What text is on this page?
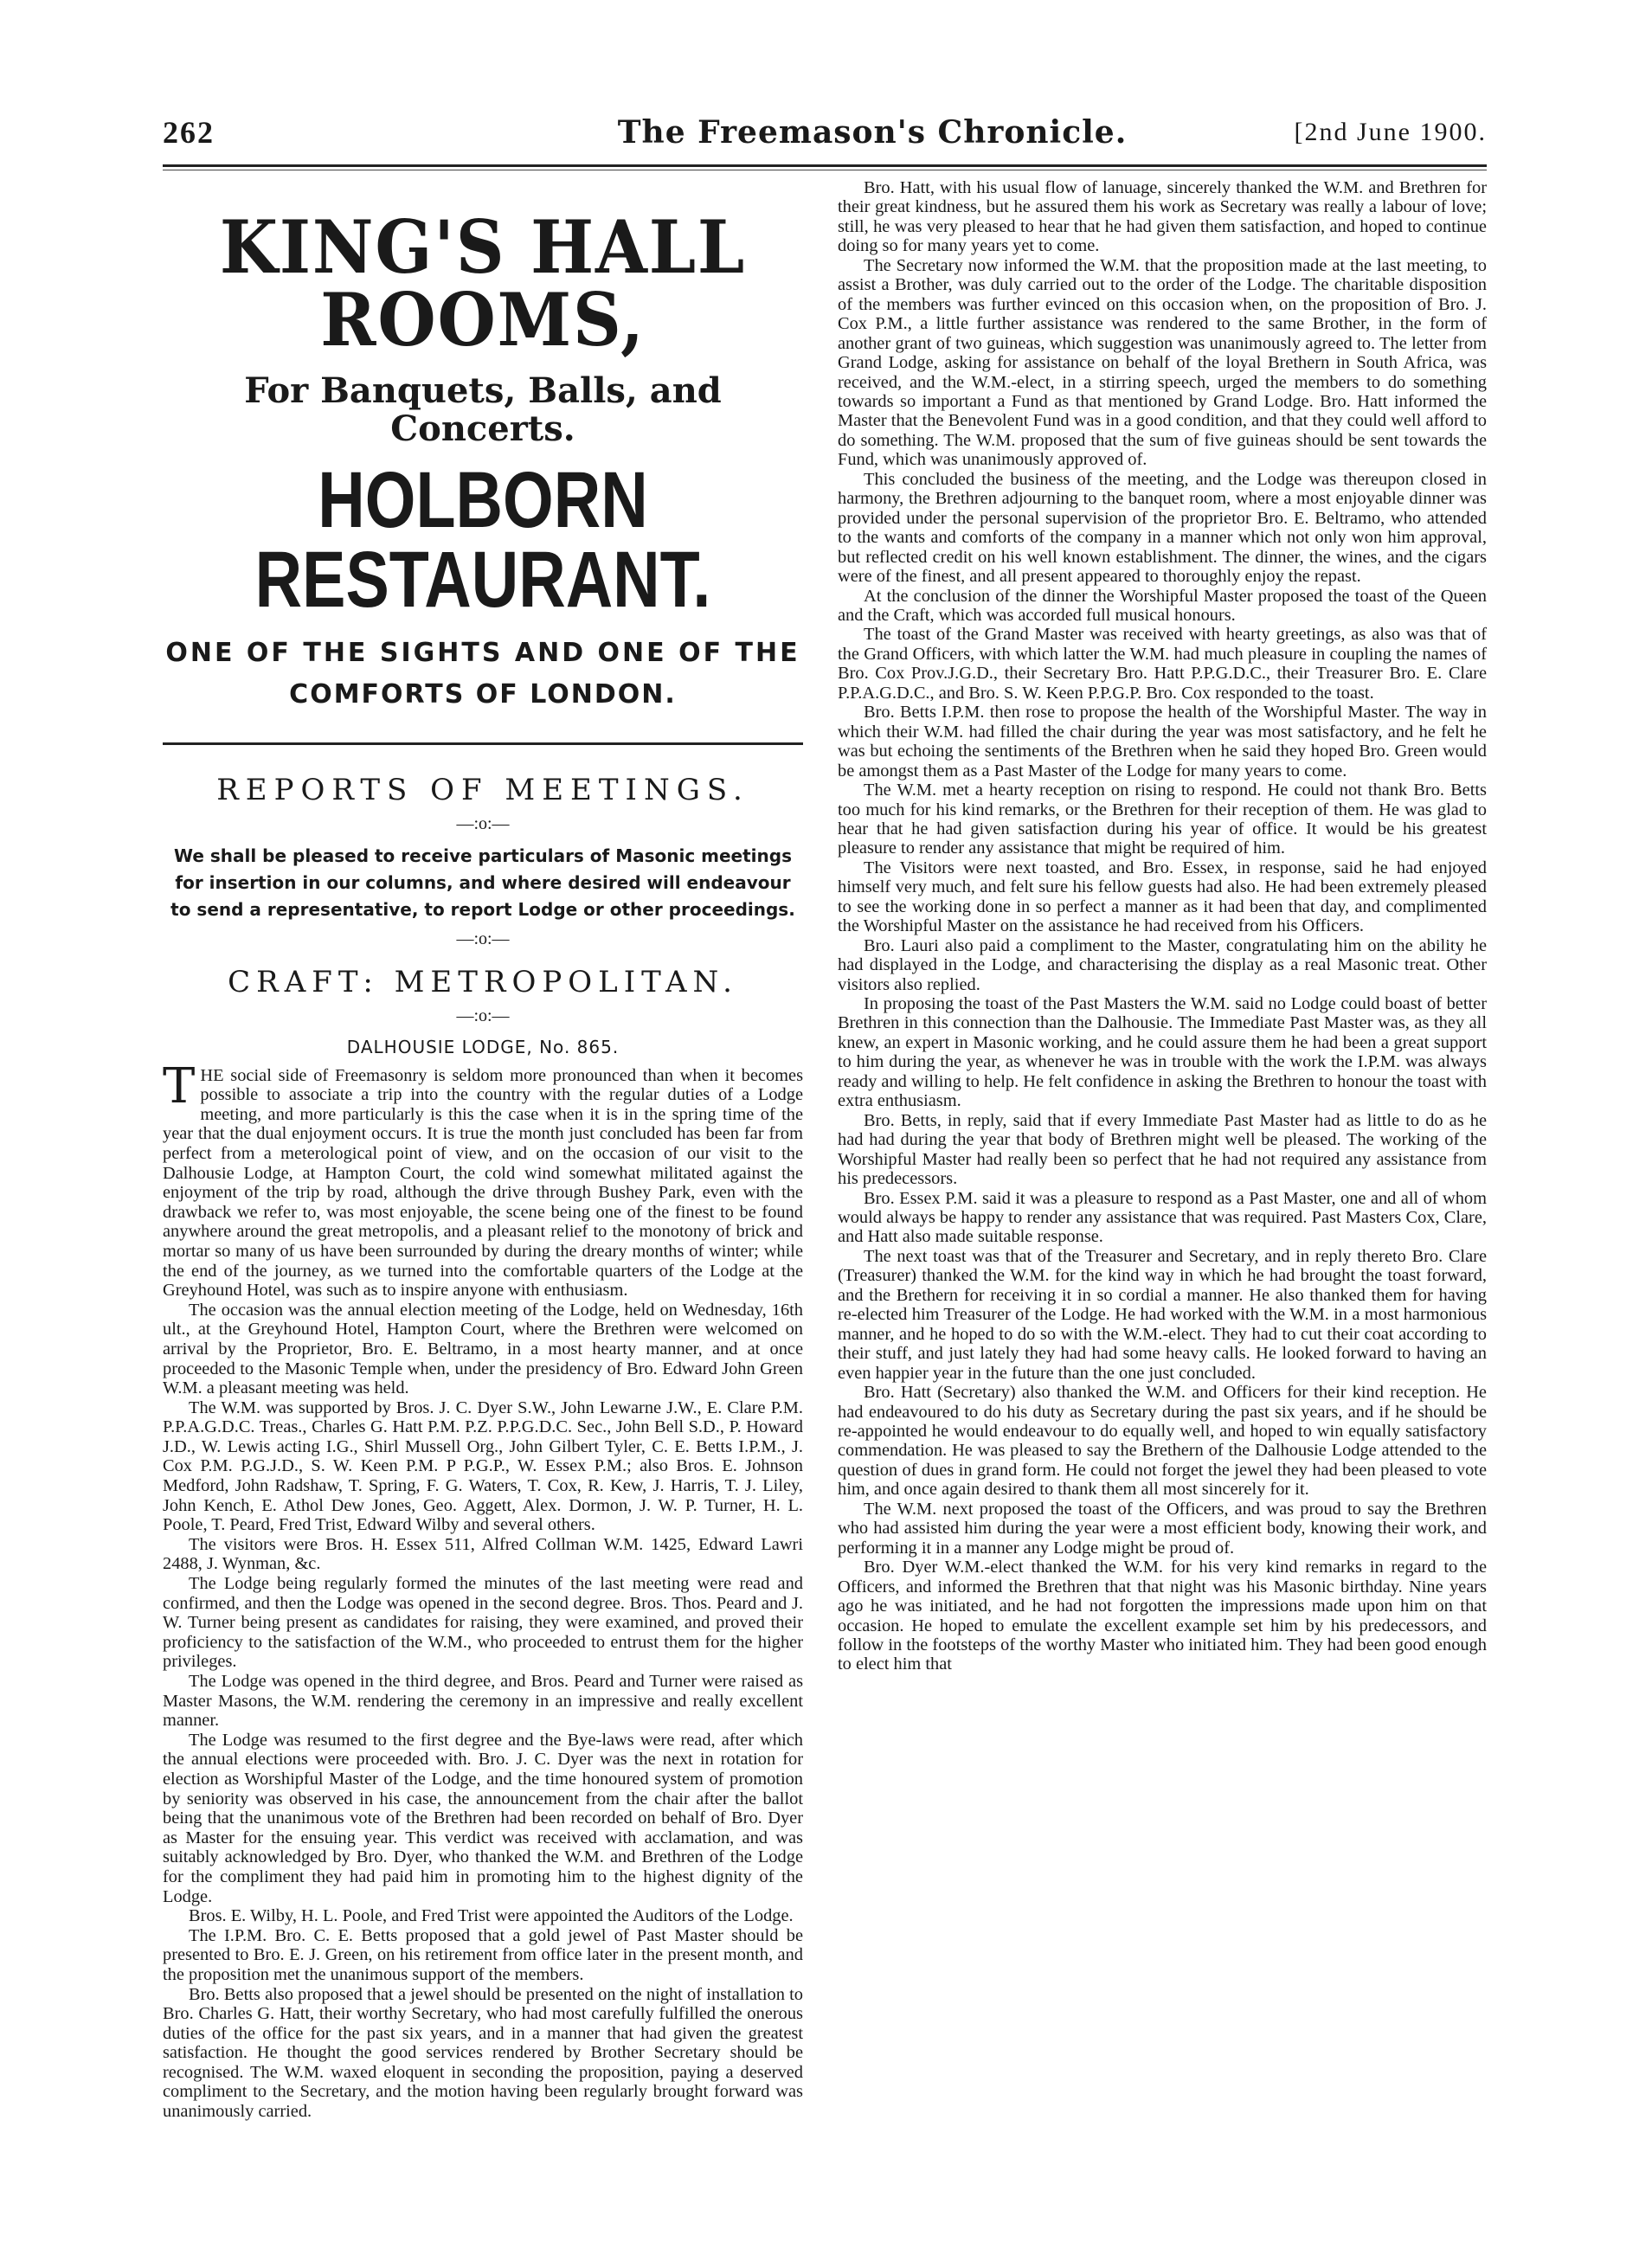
262	The Freemason's Chronicle.	[2nd June 1900.
KING'S HALL ROOMS,
For Banquets, Balls, and Concerts.
HOLBORN RESTAURANT.
ONE OF THE SIGHTS AND ONE OF THE
COMFORTS OF LONDON.
REPORTS OF MEETINGS.
—:o:—
We shall be pleased to receive particulars of Masonic meetings for insertion in our columns, and where desired will endeavour to send a representative, to report Lodge or other proceedings.
—:o:—
CRAFT: METROPOLITAN.
—:o:—
DALHOUSIE LODGE, No. 865.

THE social side of Freemasonry is seldom more pronounced than when it becomes possible to associate a trip into the country with the regular duties of a Lodge meeting, and more particularly is this the case when it is in the spring time of the year that the dual enjoyment occurs. It is true the month just concluded has been far from perfect from a meterological point of view, and on the occasion of our visit to the Dalhousie Lodge, at Hampton Court, the cold wind somewhat militated against the enjoyment of the trip by road, although the drive through Bushey Park, even with the drawback we refer to, was most enjoyable, the scene being one of the finest to be found anywhere around the great metropolis, and a pleasant relief to the monotony of brick and mortar so many of us have been surrounded by during the dreary months of winter; while the end of the journey, as we turned into the comfortable quarters of the Lodge at the Greyhound Hotel, was such as to inspire anyone with enthusiasm.

The occasion was the annual election meeting of the Lodge, held on Wednesday, 16th ult., at the Greyhound Hotel, Hampton Court, where the Brethren were welcomed on arrival by the Proprietor, Bro. E. Beltramo, in a most hearty manner, and at once proceeded to the Masonic Temple when, under the presidency of Bro. Edward John Green W.M. a pleasant meeting was held.

The W.M. was supported by Bros. J. C. Dyer S.W., John Lewarne J.W., E. Clare P.M. P.P.A.G.D.C. Treas., Charles G. Hatt P.M. P.Z. P.P.G.D.C. Sec., John Bell S.D., P. Howard J.D., W. Lewis acting I.G., Shirl Mussell Org., John Gilbert Tyler, C. E. Betts I.P.M., J. Cox P.M. P.G.J.D., S. W. Keen P.M. P P.G.P., W. Essex P.M.; also Bros. E. Johnson Medford, John Radshaw, T. Spring, F. G. Waters, T. Cox, R. Kew, J. Harris, T. J. Liley, John Kench, E. Athol Dew Jones, Geo. Aggett, Alex. Dormon, J. W. P. Turner, H. L. Poole, T. Peard, Fred Trist, Edward Wilby and several others.

The visitors were Bros. H. Essex 511, Alfred Collman W.M. 1425, Edward Lawri 2488, J. Wynman, &c.

The Lodge being regularly formed the minutes of the last meeting were read and confirmed, and then the Lodge was opened in the second degree. Bros. Thos. Peard and J. W. Turner being present as candidates for raising, they were examined, and proved their proficiency to the satisfaction of the W.M., who proceeded to entrust them for the higher privileges.

The Lodge was opened in the third degree, and Bros. Peard and Turner were raised as Master Masons, the W.M. rendering the ceremony in an impressive and really excellent manner.

The Lodge was resumed to the first degree and the Bye-laws were read, after which the annual elections were proceeded with. Bro. J. C. Dyer was the next in rotation for election as Worshipful Master of the Lodge, and the time honoured system of promotion by seniority was observed in his case, the announcement from the chair after the ballot being that the unanimous vote of the Brethren had been recorded on behalf of Bro. Dyer as Master for the ensuing year. This verdict was received with acclamation, and was suitably acknowledged by Bro. Dyer, who thanked the W.M. and Brethren of the Lodge for the compliment they had paid him in promoting him to the highest dignity of the Lodge.

Bros. E. Wilby, H. L. Poole, and Fred Trist were appointed the Auditors of the Lodge.

The I.P.M. Bro. C. E. Betts proposed that a gold jewel of Past Master should be presented to Bro. E. J. Green, on his retirement from office later in the present month, and the proposition met the unanimous support of the members.

Bro. Betts also proposed that a jewel should be presented on the night of installation to Bro. Charles G. Hatt, their worthy Secretary, who had most carefully fulfilled the onerous duties of the office for the past six years, and in a manner that had given the greatest satisfaction. He thought the good services rendered by Brother Secretary should be recognised. The W.M. waxed eloquent in seconding the proposition, paying a deserved compliment to the Secretary, and the motion having been regularly brought forward was unanimously carried.

Bro. Hatt, with his usual flow of lanuage, sincerely thanked the W.M. and Brethren for their great kindness, but he assured them his work as Secretary was really a labour of love; still, he was very pleased to hear that he had given them satisfaction, and hoped to continue doing so for many years yet to come.

The Secretary now informed the W.M. that the proposition made at the last meeting, to assist a Brother, was duly carried out to the order of the Lodge. The charitable disposition of the members was further evinced on this occasion when, on the proposition of Bro. J. Cox P.M., a little further assistance was rendered to the same Brother, in the form of another grant of two guineas, which suggestion was unanimously agreed to. The letter from Grand Lodge, asking for assistance on behalf of the loyal Brethern in South Africa, was received, and the W.M.-elect, in a stirring speech, urged the members to do something towards so important a Fund as that mentioned by Grand Lodge. Bro. Hatt informed the Master that the Benevolent Fund was in a good condition, and that they could well afford to do something. The W.M. proposed that the sum of five guineas should be sent towards the Fund, which was unanimously approved of.

This concluded the business of the meeting, and the Lodge was thereupon closed in harmony, the Brethren adjourning to the banquet room, where a most enjoyable dinner was provided under the personal supervision of the proprietor Bro. E. Beltramo, who attended to the wants and comforts of the company in a manner which not only won him approval, but reflected credit on his well known establishment. The dinner, the wines, and the cigars were of the finest, and all present appeared to thoroughly enjoy the repast.

At the conclusion of the dinner the Worshipful Master proposed the toast of the Queen and the Craft, which was accorded full musical honours.

The toast of the Grand Master was received with hearty greetings, as also was that of the Grand Officers, with which latter the W.M. had much pleasure in coupling the names of Bro. Cox Prov.J.G.D., their Secretary Bro. Hatt P.P.G.D.C., their Treasurer Bro. E. Clare P.P.A.G.D.C., and Bro. S. W. Keen P.P.G.P. Bro. Cox responded to the toast.

Bro. Betts I.P.M. then rose to propose the health of the Worshipful Master. The way in which their W.M. had filled the chair during the year was most satisfactory, and he felt he was but echoing the sentiments of the Brethren when he said they hoped Bro. Green would be amongst them as a Past Master of the Lodge for many years to come.

The W.M. met a hearty reception on rising to respond. He could not thank Bro. Betts too much for his kind remarks, or the Brethren for their reception of them. He was glad to hear that he had given satisfaction during his year of office. It would be his greatest pleasure to render any assistance that might be required of him.

The Visitors were next toasted, and Bro. Essex, in response, said he had enjoyed himself very much, and felt sure his fellow guests had also. He had been extremely pleased to see the working done in so perfect a manner as it had been that day, and complimented the Worshipful Master on the assistance he had received from his Officers.

Bro. Lauri also paid a compliment to the Master, congratulating him on the ability he had displayed in the Lodge, and characterising the display as a real Masonic treat. Other visitors also replied.

In proposing the toast of the Past Masters the W.M. said no Lodge could boast of better Brethren in this connection than the Dalhousie. The Immediate Past Master was, as they all knew, an expert in Masonic working, and he could assure them he had been a great support to him during the year, as whenever he was in trouble with the work the I.P.M. was always ready and willing to help. He felt confidence in asking the Brethren to honour the toast with extra enthusiasm.

Bro. Betts, in reply, said that if every Immediate Past Master had as little to do as he had had during the year that body of Brethren might well be pleased. The working of the Worshipful Master had really been so perfect that he had not required any assistance from his predecessors.

Bro. Essex P.M. said it was a pleasure to respond as a Past Master, one and all of whom would always be happy to render any assistance that was required. Past Masters Cox, Clare, and Hatt also made suitable response.

The next toast was that of the Treasurer and Secretary, and in reply thereto Bro. Clare (Treasurer) thanked the W.M. for the kind way in which he had brought the toast forward, and the Brethern for receiving it in so cordial a manner. He also thanked them for having re-elected him Treasurer of the Lodge. He had worked with the W.M. in a most harmonious manner, and he hoped to do so with the W.M.-elect. They had to cut their coat according to their stuff, and just lately they had had some heavy calls. He looked forward to having an even happier year in the future than the one just concluded.

Bro. Hatt (Secretary) also thanked the W.M. and Officers for their kind reception. He had endeavoured to do his duty as Secretary during the past six years, and if he should be re-appointed he would endeavour to do equally well, and hoped to win equally satisfactory commendation. He was pleased to say the Brethern of the Dalhousie Lodge attended to the question of dues in grand form. He could not forget the jewel they had been pleased to vote him, and once again desired to thank them all most sincerely for it.

The W.M. next proposed the toast of the Officers, and was proud to say the Brethren who had assisted him during the year were a most efficient body, knowing their work, and performing it in a manner any Lodge might be proud of.

Bro. Dyer W.M.-elect thanked the W.M. for his very kind remarks in regard to the Officers, and informed the Brethren that that night was his Masonic birthday. Nine years ago he was initiated, and he had not forgotten the impressions made upon him on that occasion. He hoped to emulate the excellent example set him by his predecessors, and follow in the footsteps of the worthy Master who initiated him. They had been good enough to elect him that
